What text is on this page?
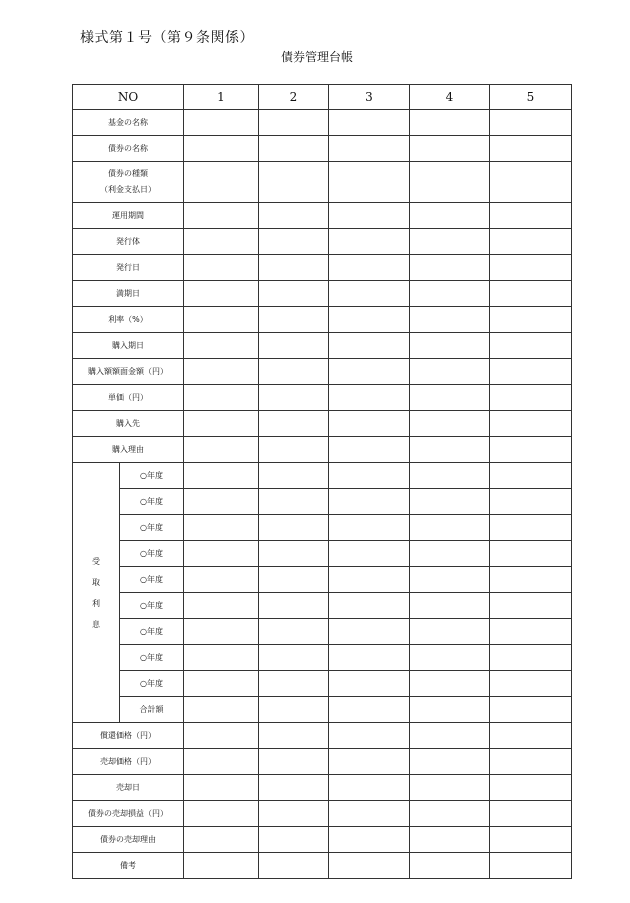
様式第１号（第９条関係）
債券管理台帳
NO		1	2	3	4	5

基金の名称						

債券の名称						

債券の種類
（利金支払日）						

運用期間						

発行体						

発行日						

満期日						

利率（%）						

購入期日						

購入額額面金額（円）						

単価（円）						

購入先						

購入理由						

受
取
利
息	○年度					
	○年度					
	○年度					
	○年度					
	○年度					
	○年度					
	○年度					
	○年度					
	○年度					
	合計額					

償還価格（円）						

売却価格（円）						

売却日						

債券の売却損益（円）						

債券の売却理由						

備考						
